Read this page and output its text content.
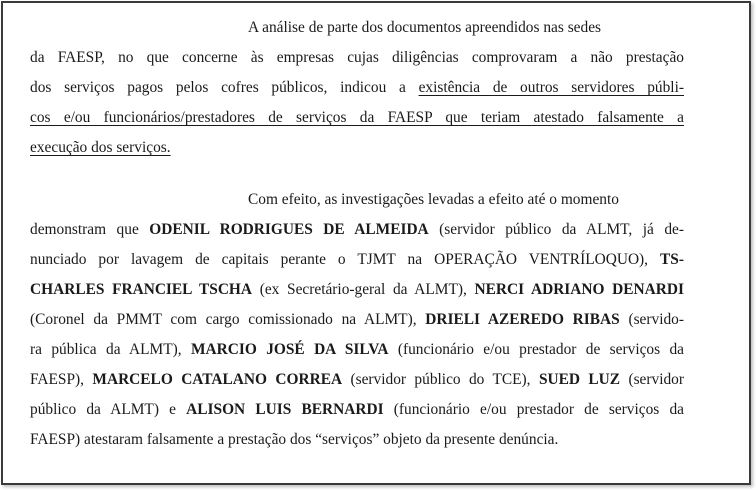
A análise de parte dos documentos apreendidos nas sedes
da FAESP, no que concerne às empresas cujas diligências comprovaram a não prestação
dos serviços pagos pelos cofres públicos, indicou a existência de outros servidores públi-
cos e/ou funcionários/prestadores de serviços da FAESP que teriam atestado falsamente a
execução dos serviços.
Com efeito, as investigações levadas a efeito até o momento
demonstram que ODENIL RODRIGUES DE ALMEIDA (servidor público da ALMT, já de-
nunciado por lavagem de capitais perante o TJMT na OPERAÇÃO VENTRÍLOQUO), TS-
CHARLES FRANCIEL TSCHA (ex Secretário-geral da ALMT), NERCI ADRIANO DENARDI
(Coronel da PMMT com cargo comissionado na ALMT), DRIELI AZEREDO RIBAS (servido-
ra pública da ALMT), MARCIO JOSÉ DA SILVA (funcionário e/ou prestador de serviços da
FAESP), MARCELO CATALANO CORREA (servidor público do TCE), SUED LUZ (servidor
público da ALMT) e ALISON LUIS BERNARDI (funcionário e/ou prestador de serviços da
FAESP) atestaram falsamente a prestação dos “serviços” objeto da presente denúncia.
